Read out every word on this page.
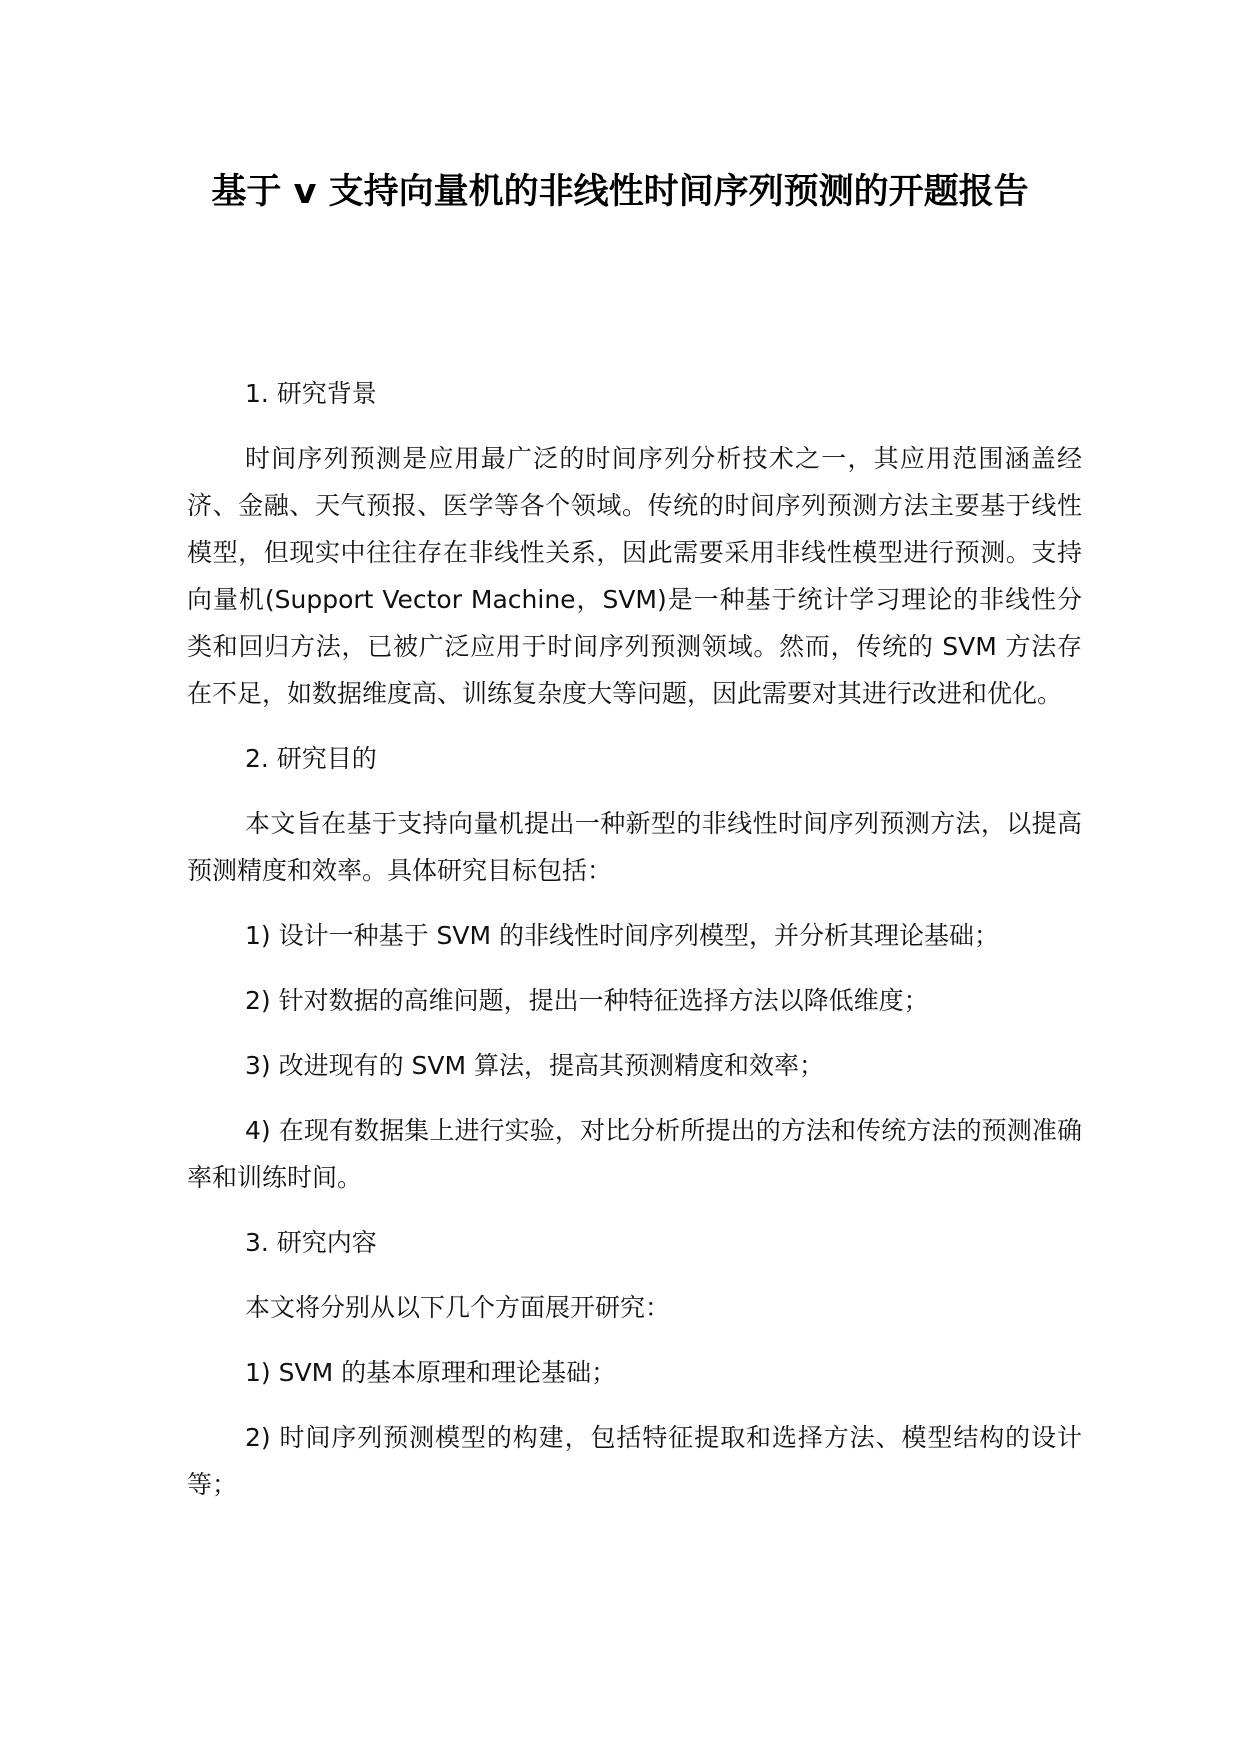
基于 v 支持向量机的非线性时间序列预测的开题报告
1. 研究背景
时间序列预测是应用最广泛的时间序列分析技术之一，其应用范围涵盖经济、金融、天气预报、医学等各个领域。传统的时间序列预测方法主要基于线性模型，但现实中往往存在非线性关系，因此需要采用非线性模型进行预测。支持向量机(Support Vector Machine，SVM)是一种基于统计学习理论的非线性分类和回归方法，已被广泛应用于时间序列预测领域。然而，传统的 SVM 方法存在不足，如数据维度高、训练复杂度大等问题，因此需要对其进行改进和优化。
2. 研究目的
本文旨在基于支持向量机提出一种新型的非线性时间序列预测方法，以提高预测精度和效率。具体研究目标包括：
1) 设计一种基于 SVM 的非线性时间序列模型，并分析其理论基础；
2) 针对数据的高维问题，提出一种特征选择方法以降低维度；
3) 改进现有的 SVM 算法，提高其预测精度和效率；
4) 在现有数据集上进行实验，对比分析所提出的方法和传统方法的预测准确率和训练时间。
3. 研究内容
本文将分别从以下几个方面展开研究：
1) SVM 的基本原理和理论基础；
2) 时间序列预测模型的构建，包括特征提取和选择方法、模型结构的设计等；
